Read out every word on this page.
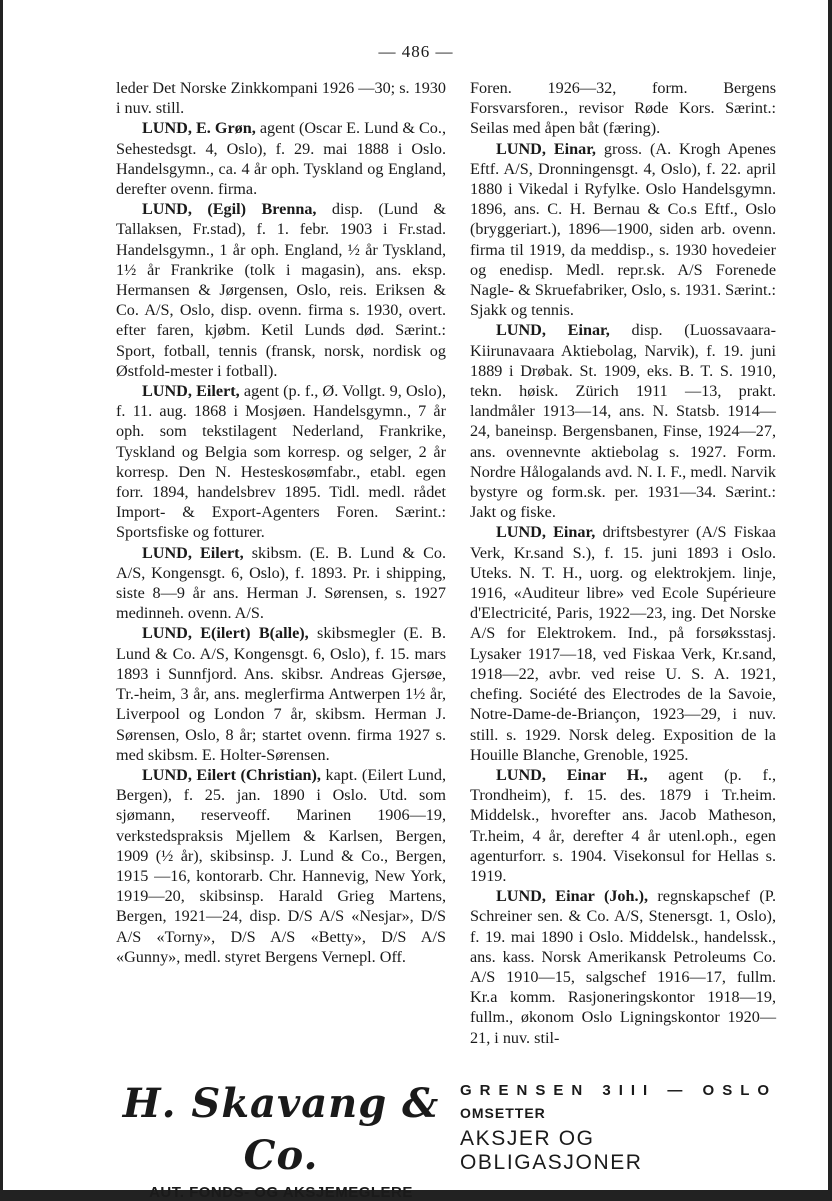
— 486 —

leder Det Norske Zinkkompani 1926 —30; s. 1930 i nuv. still.

LUND, E. Grøn, agent (Oscar E. Lund & Co., Sehestedsgt. 4, Oslo), f. 29. mai 1888 i Oslo. Handelsgymn., ca. 4 år oph. Tyskland og England, derefter ovenn. firma.

LUND, (Egil) Brenna, disp. (Lund & Tallaksen, Fr.stad), f. 1. febr. 1903 i Fr.stad. Handelsgymn., 1 år oph. England, ½ år Tyskland, 1½ år Frankrike (tolk i magasin), ans. eksp. Hermansen & Jørgensen, Oslo, reis. Eriksen & Co. A/S, Oslo, disp. ovenn. firma s. 1930, overt. efter faren, kjøbm. Ketil Lunds død. Særint.: Sport, fotball, tennis (fransk, norsk, nordisk og Østfold-mester i fotball).

LUND, Eilert, agent (p. f., Ø. Vollgt. 9, Oslo), f. 11. aug. 1868 i Mosjøen. Handelsgymn., 7 år oph. som tekstilagent Nederland, Frankrike, Tyskland og Belgia som korresp. og selger, 2 år korresp. Den N. Hesteskosømfabr., etabl. egen forr. 1894, handelsbrev 1895. Tidl. medl. rådet Import- & Export-Agenters Foren. Særint.: Sportsfiske og fotturer.

LUND, Eilert, skibsm. (E. B. Lund & Co. A/S, Kongensgt. 6, Oslo), f. 1893. Pr. i shipping, siste 8—9 år ans. Herman J. Sørensen, s. 1927 medinneh. ovenn. A/S.

LUND, E(ilert) B(alle), skibsmegler (E. B. Lund & Co. A/S, Kongensgt. 6, Oslo), f. 15. mars 1893 i Sunnfjord. Ans. skibsr. Andreas Gjersøe, Tr.-heim, 3 år, ans. meglerfirma Antwerpen 1½ år, Liverpool og London 7 år, skibsm. Herman J. Sørensen, Oslo, 8 år; startet ovenn. firma 1927 s. med skibsm. E. Holter-Sørensen.

LUND, Eilert (Christian), kapt. (Eilert Lund, Bergen), f. 25. jan. 1890 i Oslo. Utd. som sjømann, reserveoff. Marinen 1906—19, verkstedspraksis Mjellem & Karlsen, Bergen, 1909 (½ år), skibsinsp. J. Lund & Co., Bergen, 1915 —16, kontorarb. Chr. Hannevig, New York, 1919—20, skibsinsp. Harald Grieg Martens, Bergen, 1921—24, disp. D/S A/S «Nesjar», D/S A/S «Torny», D/S A/S «Betty», D/S A/S «Gunny», medl. styret Bergens Vernepl. Off.

Foren. 1926—32, form. Bergens Forsvarsforen., revisor Røde Kors. Særint.: Seilas med åpen båt (færing).

LUND, Einar, gross. (A. Krogh Apenes Eftf. A/S, Dronningensgt. 4, Oslo), f. 22. april 1880 i Vikedal i Ryfylke. Oslo Handelsgymn. 1896, ans. C. H. Bernau & Co.s Eftf., Oslo (bryggeriart.), 1896—1900, siden arb. ovenn. firma til 1919, da meddisp., s. 1930 hovedeier og enedisp. Medl. repr.sk. A/S Forenede Nagle- & Skruefabriker, Oslo, s. 1931. Særint.: Sjakk og tennis.

LUND, Einar, disp. (Luossavaara-Kiirunavaara Aktiebolag, Narvik), f. 19. juni 1889 i Drøbak. St. 1909, eks. B. T. S. 1910, tekn. høisk. Zürich 1911 —13, prakt. landmåler 1913—14, ans. N. Statsb. 1914—24, baneinsp. Bergensbanen, Finse, 1924—27, ans. ovennevnte aktiebolag s. 1927. Form. Nordre Hålogalands avd. N. I. F., medl. Narvik bystyre og form.sk. per. 1931—34. Særint.: Jakt og fiske.

LUND, Einar, driftsbestyrer (A/S Fiskaa Verk, Kr.sand S.), f. 15. juni 1893 i Oslo. Uteks. N. T. H., uorg. og elektrokjem. linje, 1916, «Auditeur libre» ved Ecole Supérieure d'Electricité, Paris, 1922—23, ing. Det Norske A/S for Elektrokem. Ind., på forsøksstasj. Lysaker 1917—18, ved Fiskaa Verk, Kr.sand, 1918—22, avbr. ved reise U. S. A. 1921, chefing. Société des Electrodes de la Savoie, Notre-Dame-de-Briançon, 1923—29, i nuv. still. s. 1929. Norsk deleg. Exposition de la Houille Blanche, Grenoble, 1925.

LUND, Einar H., agent (p. f., Trondheim), f. 15. des. 1879 i Tr.heim. Middelsk., hvorefter ans. Jacob Matheson, Tr.heim, 4 år, derefter 4 år utenl.oph., egen agenturforr. s. 1904. Visekonsul for Hellas s. 1919.

LUND, Einar (Joh.), regnskapschef (P. Schreiner sen. & Co. A/S, Stenersgt. 1, Oslo), f. 19. mai 1890 i Oslo. Middelsk., handelssk., ans. kass. Norsk Amerikansk Petroleums Co. A/S 1910—15, salgschef 1916—17, fullm. Kr.a komm. Rasjoneringskontor 1918—19, fullm., økonom Oslo Ligningskontor 1920—21, i nuv. stil-

H. Skavang & Co.
AUT. FONDS- OG AKSJEMEGLERE
GRENSEN 3III — OSLO
OMSETTER
AKSJER OG OBLIGASJONER
